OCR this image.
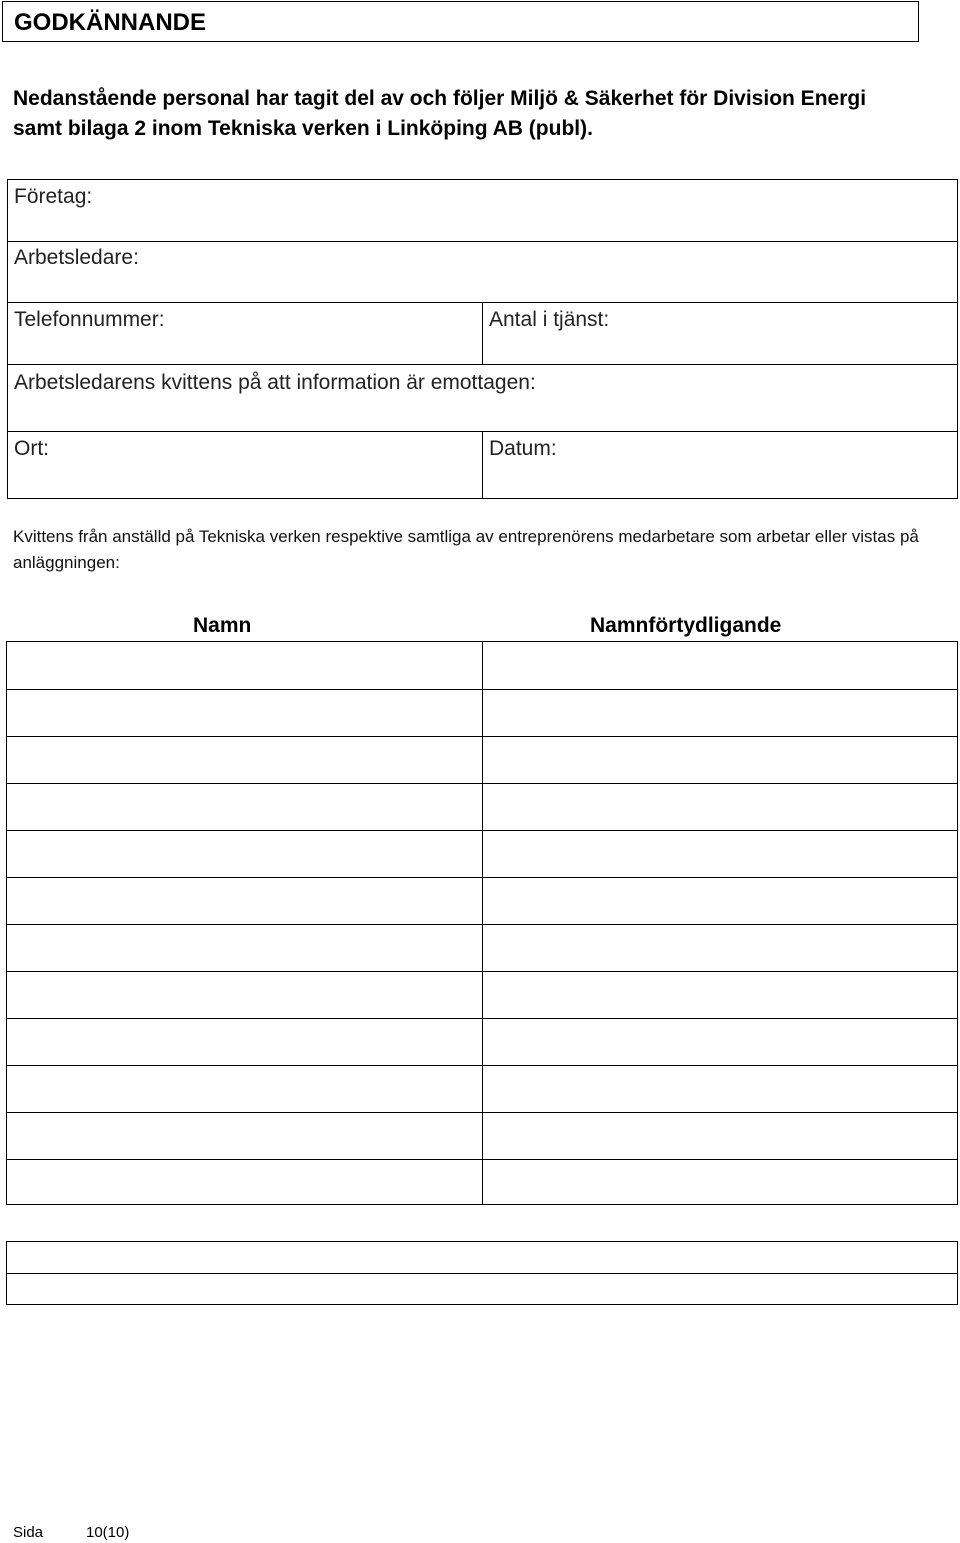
GODKÄNNANDE
Nedanstående personal har tagit del av och följer Miljö & Säkerhet för Division Energi samt bilaga 2 inom Tekniska verken i Linköping AB (publ).
Företag:
Arbetsledare:
Telefonnummer:	Antal i tjänst:
Arbetsledarens kvittens på att information är emottagen:
Ort:	Datum:
Kvittens från anställd på Tekniska verken respektive samtliga av entreprenörens medarbetare som arbetar eller vistas på anläggningen:
Namn	Namnförtydligande
Sida	10(10)
